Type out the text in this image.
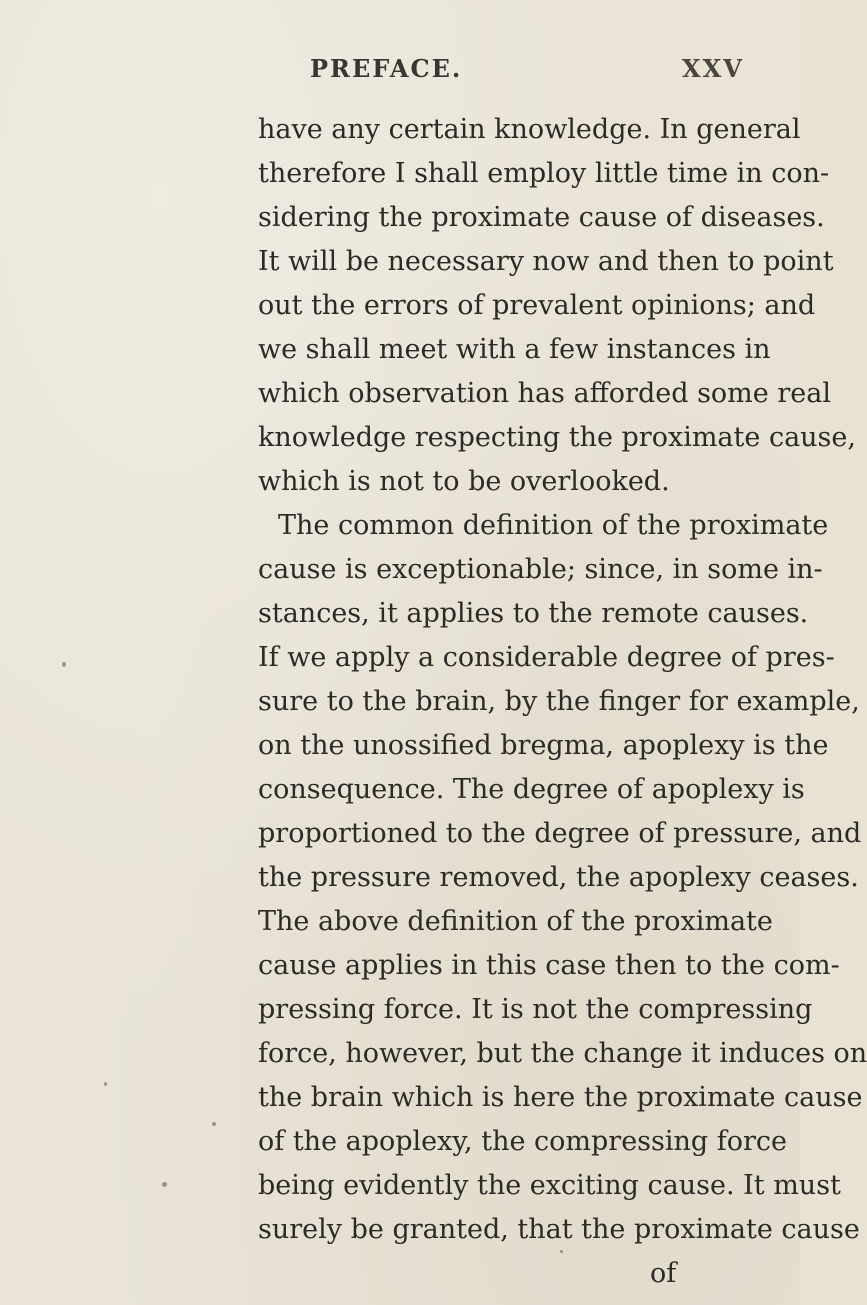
PREFACE.	XXV
have any certain knowledge. In general
therefore I shall employ little time in con-
sidering the proximate cause of diseases.
It will be necessary now and then to point
out the errors of prevalent opinions; and
we shall meet with a few instances in
which observation has afforded some real
knowledge respecting the proximate cause,
which is not to be overlooked.
The common definition of the proximate
cause is exceptionable; since, in some in-
stances, it applies to the remote causes.
If we apply a considerable degree of pres-
sure to the brain, by the finger for example,
on the unossified bregma, apoplexy is the
consequence. The degree of apoplexy is
proportioned to the degree of pressure, and
the pressure removed, the apoplexy ceases.
The above definition of the proximate
cause applies in this case then to the com-
pressing force. It is not the compressing
force, however, but the change it induces on
the brain which is here the proximate cause
of the apoplexy, the compressing force
being evidently the exciting cause. It must
surely be granted, that the proximate cause
of
